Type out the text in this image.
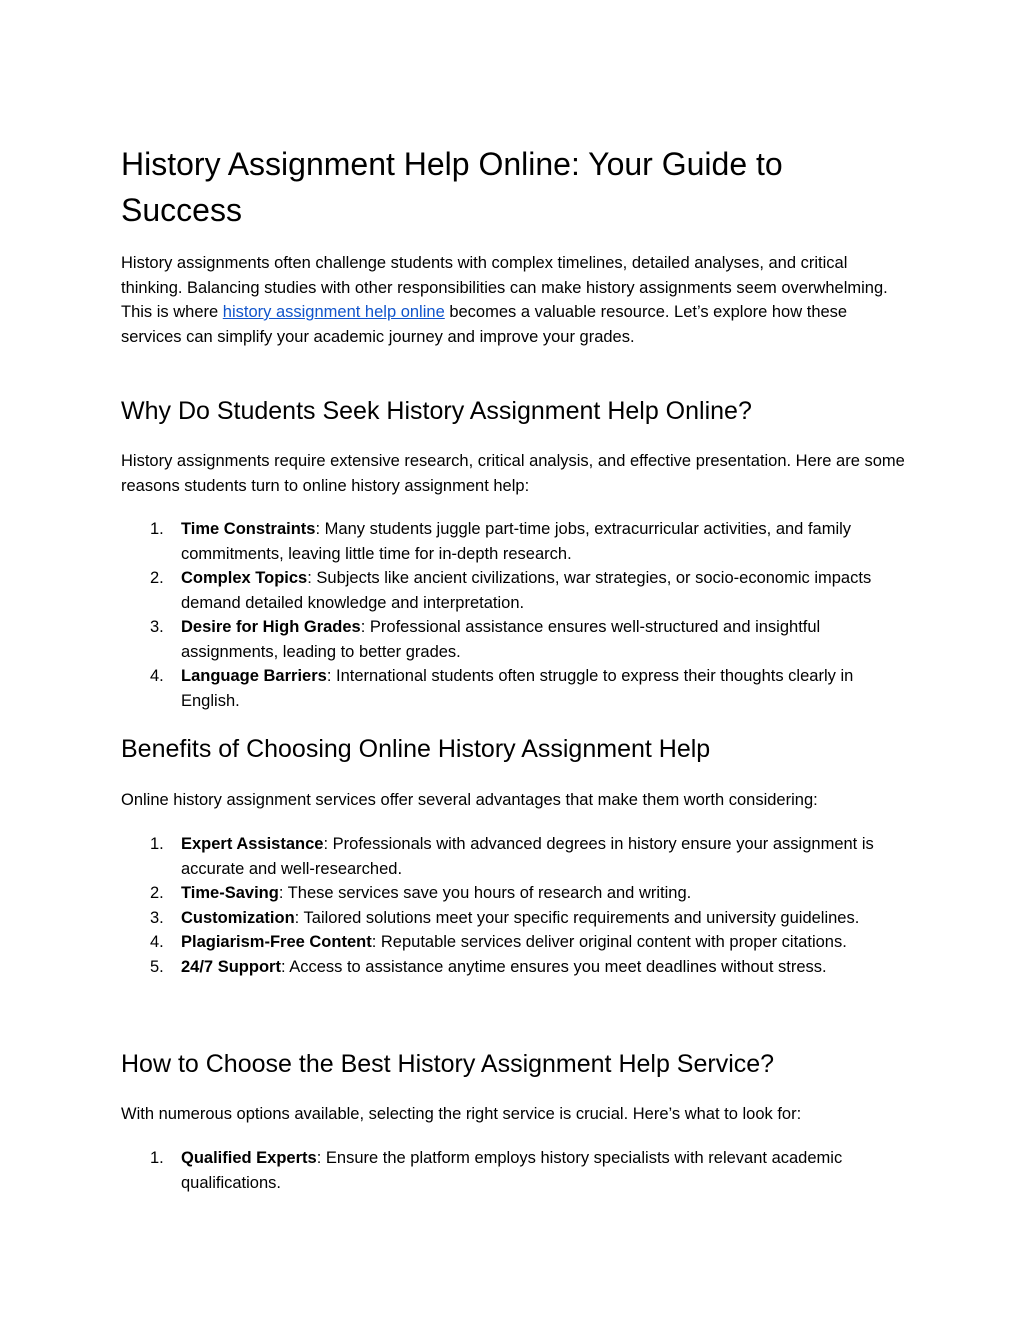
History Assignment Help Online: Your Guide to Success

History assignments often challenge students with complex timelines, detailed analyses, and critical thinking. Balancing studies with other responsibilities can make history assignments seem overwhelming. This is where history assignment help online becomes a valuable resource. Let’s explore how these services can simplify your academic journey and improve your grades.

Why Do Students Seek History Assignment Help Online?

History assignments require extensive research, critical analysis, and effective presentation. Here are some reasons students turn to online history assignment help:

1. Time Constraints: Many students juggle part-time jobs, extracurricular activities, and family commitments, leaving little time for in-depth research.
2. Complex Topics: Subjects like ancient civilizations, war strategies, or socio-economic impacts demand detailed knowledge and interpretation.
3. Desire for High Grades: Professional assistance ensures well-structured and insightful assignments, leading to better grades.
4. Language Barriers: International students often struggle to express their thoughts clearly in English.
Benefits of Choosing Online History Assignment Help

Online history assignment services offer several advantages that make them worth considering:

1. Expert Assistance: Professionals with advanced degrees in history ensure your assignment is accurate and well-researched.
2. Time-Saving: These services save you hours of research and writing.
3. Customization: Tailored solutions meet your specific requirements and university guidelines.
4. Plagiarism-Free Content: Reputable services deliver original content with proper citations.
5. 24/7 Support: Access to assistance anytime ensures you meet deadlines without stress.
How to Choose the Best History Assignment Help Service?

With numerous options available, selecting the right service is crucial. Here’s what to look for:

1. Qualified Experts: Ensure the platform employs history specialists with relevant academic qualifications.
